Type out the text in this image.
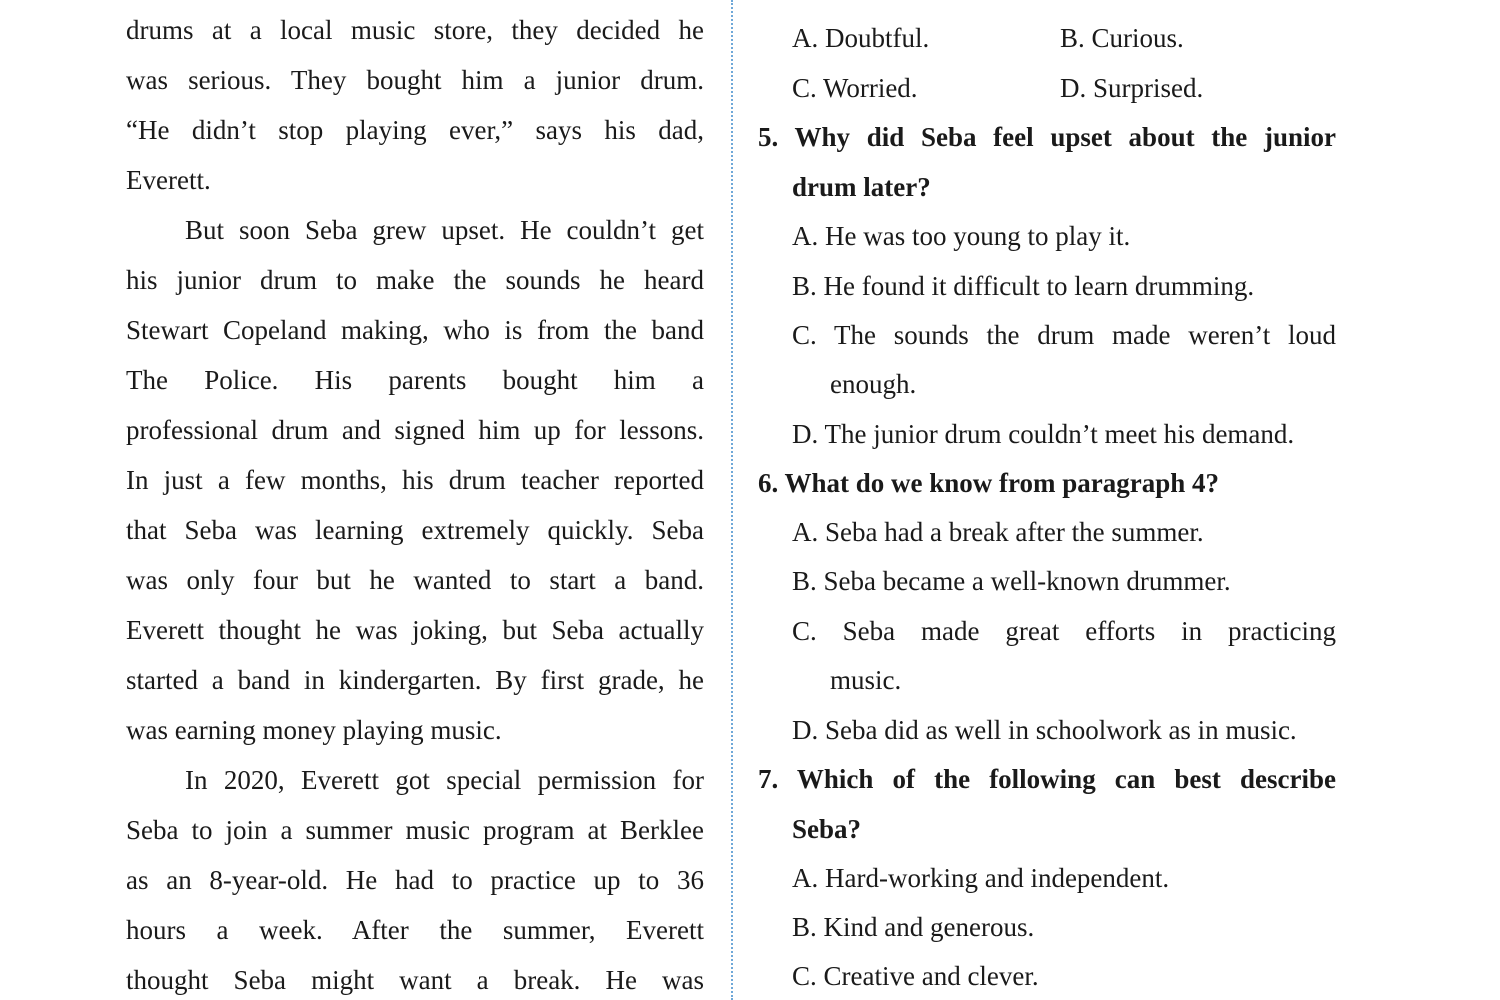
drums at a local music store, they decided he
was serious. They bought him a junior drum.
“He didn’t stop playing ever,” says his dad,
Everett.
But soon Seba grew upset. He couldn’t get
his junior drum to make the sounds he heard
Stewart Copeland making, who is from the band
The Police. His parents bought him a
professional drum and signed him up for lessons.
In just a few months, his drum teacher reported
that Seba was learning extremely quickly. Seba
was only four but he wanted to start a band.
Everett thought he was joking, but Seba actually
started a band in kindergarten. By first grade, he
was earning money playing music.
In 2020, Everett got special permission for
Seba to join a summer music program at Berklee
as an 8-year-old. He had to practice up to 36
hours a week. After the summer, Everett
thought Seba might want a break. He was
A. Doubtful.	B. Curious.
C. Worried.	D. Surprised.
5. Why did Seba feel upset about the junior
drum later?
A. He was too young to play it.
B. He found it difficult to learn drumming.
C. The sounds the drum made weren’t loud
enough.
D. The junior drum couldn’t meet his demand.
6. What do we know from paragraph 4?
A. Seba had a break after the summer.
B. Seba became a well-known drummer.
C. Seba made great efforts in practicing
music.
D. Seba did as well in schoolwork as in music.
7. Which of the following can best describe
Seba?
A. Hard-working and independent.
B. Kind and generous.
C. Creative and clever.
